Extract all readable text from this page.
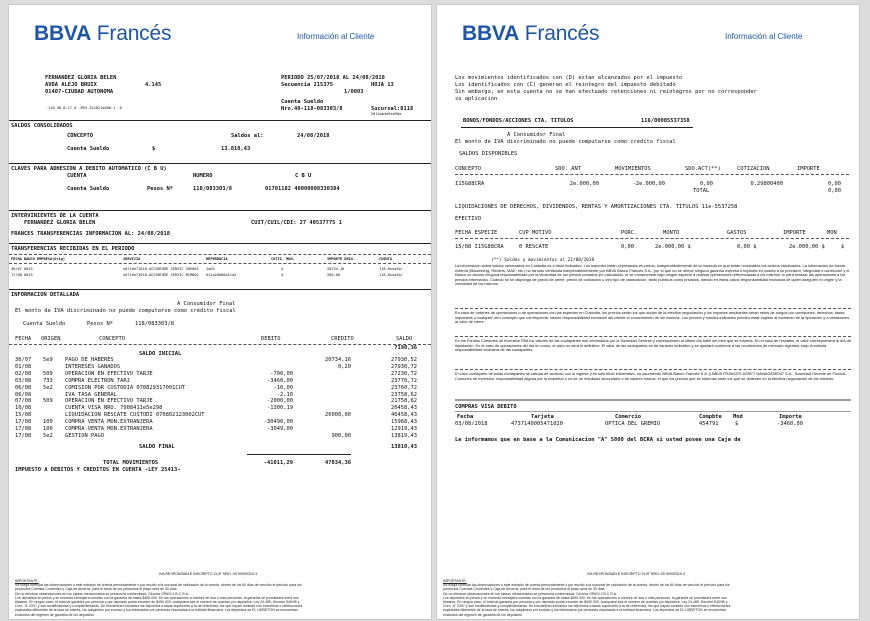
BBVA Francés	Información al Cliente
FERNANDEZ GLORIA BELEN
AVDA ALEJO BRUIX	4.145
01407-CIUDAD AUTONOMA
.118 4D N.17 0 .MS5.32s821s000.1 .0
PERIODO 25/07/2018 AL 24/08/2018
Secuencia 215375	HOJA 13
1/0003
Cuenta Sueldo
Nro.40-118-083303/8	Sucursal:0118
2014ab4e9ea90a
SALDOS CONSOLIDADOS
CONCEPTO	Saldos al:	24/08/2018
Cuenta Sueldo	$	13.810,43
CLAVES PARA ADHESION A DEBITO AUTOMATICO (C B U)
CUENTA	NUMERO	C B U
Cuenta Sueldo	Pesos Nº	118/083303/8	01701182 40000008330384
INTERVINIENTES DE LA CUENTA
FERNANDEZ GLORIA BELEN	CUIT/CUIL/CDI: 27 40537775 1
FRANCES TRANSFERENCIAS INFORMACION AL: 24/08/2018
TRANSFERENCIAS RECIBIDAS EN EL PERIODO
FECHA BANCO EMPRESA(Orig)	SERVICIO	REFERENCIA	COTIZ. MON.	IMPORTE ORIG.	CUENTA
30/07 0015	s0710e71018.ACCENTURE SERVIC SUE001 1a03	$	20734,16	118-0ssa3b/
17/08 0015	s0710e71018.ACCENTURE SERVIC MCM002 011a20000a11a5	$	200,00	118-0ssa3b/
INFORMACION DETALLADA
A Consumidor Final
El monto de IVA discriminado no puede computarse como crédito fiscal
Cuenta Sueldo	Pesos Nº	118/083303/8
FECHA ORIGEN	CONCEPTO	DEBITO	CREDITO	SALDO
SALDO INICIAL
7190,36
30/07 5e9 PAGO DE HABERES	20734,16	27930,52
01/08	INTERESES GANADOS	0,20	27930,72
02/08 509 OPERACION EN EFECTIVO TARJE	-700,00	27230,72
03/08 733 COMPRA ELECTRON TARJ	-3460,00	23770,72
06/08 5e2 COMISION POR CUSTODIA 070829317001CUT	-10,00	23760,72
06/08	IVA TASA GENERAL	-2,10	23758,62
07/08 509 OPERACION EN EFECTIVO TARJE	-2000,00	21758,62
10/08	CUENTA VISA NRO. 7908411e5e298	-1300,19	20458,43
15/08	LIQUIDACION RESCATE CUSTODI 070802123002CUT	26000,00	46458,43
17/08 100 COMPRA VENTA MON.EXTRANJERA	-30490,00	15968,43
17/08 100 COMPRA VENTA MON.EXTRANJERA	-3049,00	12919,43
17/08 5e2 GESTION PAGO	900,00	13819,43
SALDO FINAL	13810,43
TOTAL MOVIMIENTOS	-41011,29	47834,36
IMPUESTO A DEBITOS Y CREDITOS EN CUENTA -LEY 25413-
IVA RESPONSABLE INSCRIPTO CUIT NRO.:30 50000319-3
IMPORTANTE:
Se ruega formular las observaciones o este extracto de cuenta personalmente o por escrito a la sucursal de radicación de la cuenta, dentro de los 60 días de vencido el período para los
productos Cuentas Corrientes y Caja de Ahorros, para el resto de los productos el plazo será de 30 días.
De no efectuar observaciones en los plazos mencionados se presumirá conformidad. Circular OPASI 2 B.C.R.A.
Los depósitos en pesos y en moneda extranjera cuentan con la garantía de hasta $450.000. En las operaciones a nombre de dos o más personas, la garantía se prorrateará entre sus
titulares. En ningún caso, el total de garantía por persona y por depósito podrá exceder de $450.000, cualquiera sea el número de cuentas y/o depósitos. Ley 24.485, Decreto 540/95 y
Com. 'A' 2337 y sus modificatorias y complementarias. Se encuentran excluidos los depósitos a tasas superiores a la de referencia, los que hayan contado con incentivos o retribuciones
especiales diferentes de la tasa de interés, los adquiridos por endoso y los efectuados por personas vinculadas a la entidad financiera. Los depósitos de EL LIBRETON se encuentran
excluidos del régimen de garantía de los depósitos.
BBVA Francés	Información al Cliente
Los movimientos identificados con (D) estan alcanzados por el impuesto
Los identificados con (C) generan el reintegro del impuesto debitado
Sin embargo, en esta cuenta no se han efectuado retenciones ni reintegros por no corresponder
su aplicación
BONOS/FONDOS/ACCIONES CTA. TITULOS	116/00005537358
A Consumidor Final
El monto de IVA discriminado no puede computarse como crédito fiscal
SALDOS DISPONIBLES
CONCEPTO	SDO. ANT	MOVIMIENTOS	SDO.ACT(**)	COTIZACION	IMPORTE
I15G88CRA	2e.000,00	-2e.000,00	0,00	0,29800400	0,00
TOTAL	0,00
LIQUIDACIONES DE DERECHOS, DIVIDENDOS, RENTAS Y AMORTIZACIONES CTA. TITULOS 11e-5537258
EFECTIVO
FECHA ESPECIE	CUP MOTIVO	PORC.	MONTO	GASTOS	IMPORTE	MON
15/08 I15G88CRA	0 RESCATE	0,00	2e.000,00 $	0,00 $	2e.000,00 $	$
(**) Saldos y movimientos al 21/08/2018
La información sobre saldos valorizados en Custodia es a título indicativo. Los importes están expresados en pesos, independientemente de la moneda en que están nominados los activos valorizados. La información de fuente externa (Bloomberg, Reuters, MAE, etc.) no ha sido verificada independientemente por BBVA Banco Francés S.A., por lo que no se ofrece ninguna garantía expresa o implícita en cuanto a su precisión, integridad o corrección y el Banco no asume ninguna responsabilidad por la veracidad de los precios tomados y/o calculados, ni se compromete bajo ningún aspecto a realizar operaciones referenciadas a los mismos, ni para realizar las operaciones a los precios informados. Cuando no se disponga de precio de cierre, precio de cotización u otro tipo de valorización, tanto públicos como privados, siendo en estos casos responsabilidad exclusiva de quien aseguren el origen y la veracidad de los mismos.
En caso de órdenes de operaciones o de operaciones con las especies en Custodia, los precios serán los que surjan de la efectiva negociación y los importes resultantes serán netos de cargos por comisiones, derechos, tasas, impuestos o cualquier otro concepto que corresponda, siendo responsabilidad exclusiva del cliente el conocimiento de los mismos. Los precios y montos indicados pueden estar sujetos al momento de la operación y a variaciones al valor de cierre.
En los Fondos Comunes de Inversión FBA los valores de las cuotapartes son informados por la Sociedad Gerente y corresponden al último día hábil del mes que se informa. En el caso de rescates, el valor corresponderá al día de liquidación. En el caso de operaciones del día en curso, el valor no será el definitivo. El valor de las cuotapartes es de carácter indicativo y se ajustará conforme a las condiciones de mercado vigentes, bajo la estricta responsabilidad exclusiva de las cuotapartes.
El valor cuotaparte de estas cuotapartes se calcula de acuerdo con lo vigente y es sólo título informativo, no asumiendo BBVA Banco Francés S.A. y BBVA FRANCES ASSET MANAGEMENT S.A., Sociedad Gerente de Fondos Comunes de Inversión, responsabilidad alguna por la exactitud o no de un resultado secundario o de valores futuros, el que los precios que se informan sean los que se obtienen en la efectiva negociación de los mismos.
COMPRAS VISA DEBITO
Fecha	Tarjeta	Comercio	Compbte Mnd	Importe
03/08/2018	4737140005471020	OPTICA DEL GREMIO	454791	$	-3460,00
Le informamos que en base a la Comunicacion "A" 5800 del BCRA si usted posee una Caja de
IVA RESPONSABLE INSCRIPTO CUIT NRO.:30 50000319-3
IMPORTANTE:
Se ruega formular las observaciones o este extracto de cuenta personalmente o por escrito a la sucursal de radicación de la cuenta, dentro de los 60 días de vencido el período para los
productos Cuentas Corrientes y Caja de Ahorros, para el resto de los productos el plazo será de 30 días.
De no efectuar observaciones en los plazos mencionados se presumirá conformidad. Circular OPASI 2 B.C.R.A.
Los depósitos en pesos y en moneda extranjera cuentan con la garantía de hasta $450.000. En las operaciones a nombre de dos o más personas, la garantía se prorrateará entre sus
titulares. En ningún caso, el total de garantía por persona y por depósito podrá exceder de $450.000, cualquiera sea el número de cuentas y/o depósitos. Ley 24.485, Decreto 540/95 y
Com. 'A' 2337 y sus modificatorias y complementarias. Se encuentran excluidos los depósitos a tasas superiores a la de referencia, los que hayan contado con incentivos o retribuciones
especiales diferentes de la tasa de interés, los adquiridos por endoso y los efectuados por personas vinculadas a la entidad financiera. Los depósitos de EL LIBRETON se encuentran
excluidos del régimen de garantía de los depósitos.
